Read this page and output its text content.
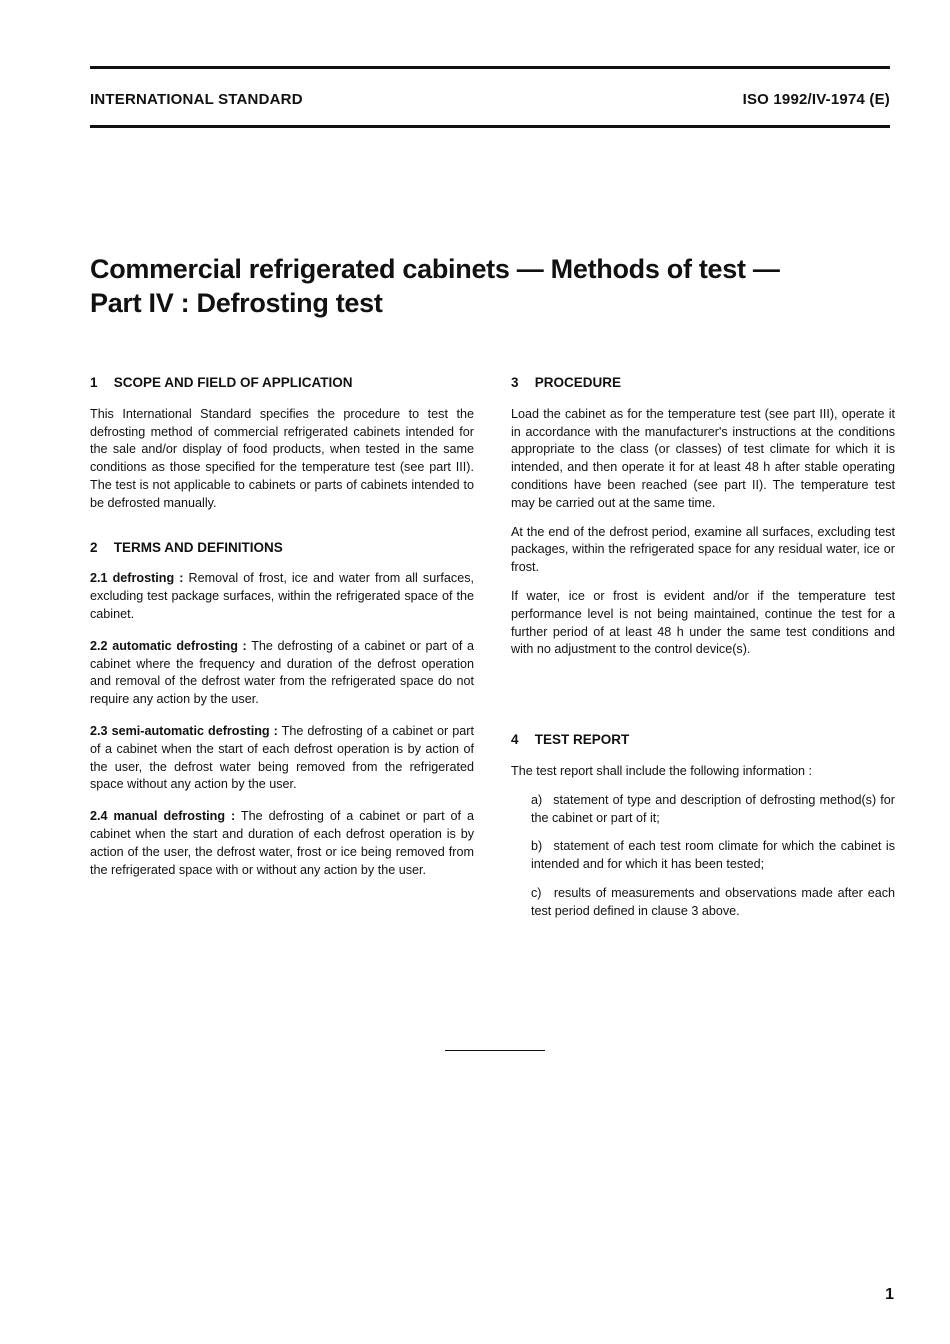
INTERNATIONAL STANDARD	ISO 1992/IV-1974 (E)
Commercial refrigerated cabinets — Methods of test —
Part IV : Defrosting test
1 SCOPE AND FIELD OF APPLICATION

This International Standard specifies the procedure to test the defrosting method of commercial refrigerated cabinets intended for the sale and/or display of food products, when tested in the same conditions as those specified for the temperature test (see part III). The test is not applicable to cabinets or parts of cabinets intended to be defrosted manually.

2 TERMS AND DEFINITIONS

2.1 defrosting : Removal of frost, ice and water from all surfaces, excluding test package surfaces, within the refrigerated space of the cabinet.

2.2 automatic defrosting : The defrosting of a cabinet or part of a cabinet where the frequency and duration of the defrost operation and removal of the defrost water from the refrigerated space do not require any action by the user.

2.3 semi-automatic defrosting : The defrosting of a cabinet or part of a cabinet when the start of each defrost operation is by action of the user, the defrost water being removed from the refrigerated space without any action by the user.

2.4 manual defrosting : The defrosting of a cabinet or part of a cabinet when the start and duration of each defrost operation is by action of the user, the defrost water, frost or ice being removed from the refrigerated space with or without any action by the user.

3 PROCEDURE

Load the cabinet as for the temperature test (see part III), operate it in accordance with the manufacturer's instructions at the conditions appropriate to the class (or classes) of test climate for which it is intended, and then operate it for at least 48 h after stable operating conditions have been reached (see part II). The temperature test may be carried out at the same time.

At the end of the defrost period, examine all surfaces, excluding test packages, within the refrigerated space for any residual water, ice or frost.

If water, ice or frost is evident and/or if the temperature test performance level is not being maintained, continue the test for a further period of at least 48 h under the same test conditions and with no adjustment to the control device(s).

4 TEST REPORT

The test report shall include the following information :

a) statement of type and description of defrosting method(s) for the cabinet or part of it;
b) statement of each test room climate for which the cabinet is intended and for which it has been tested;
c) results of measurements and observations made after each test period defined in clause 3 above.
1
